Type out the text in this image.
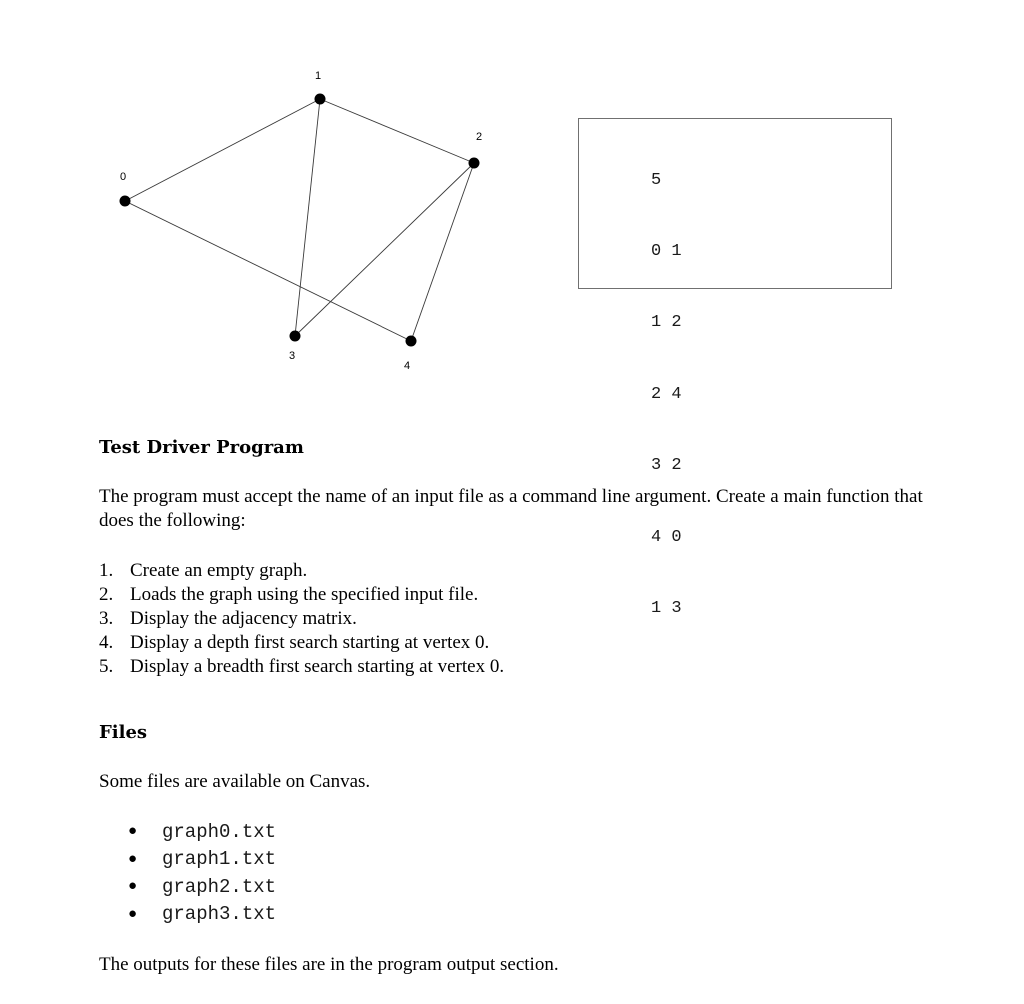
0
1
2
3
4

5

0 1

1 2

2 4

3 2

4 0

1 3

Test Driver Program

The program must accept the name of an input file as a command line argument. Create a main function that does the following:

1. Create an empty graph.
2. Loads the graph using the specified input file.
3. Display the adjacency matrix.
4. Display a depth first search starting at vertex 0.
5. Display a breadth first search starting at vertex 0.
Files

Some files are available on Canvas.

●	graph0.txt
●	graph1.txt
●	graph2.txt
●	graph3.txt

The outputs for these files are in the program output section.
